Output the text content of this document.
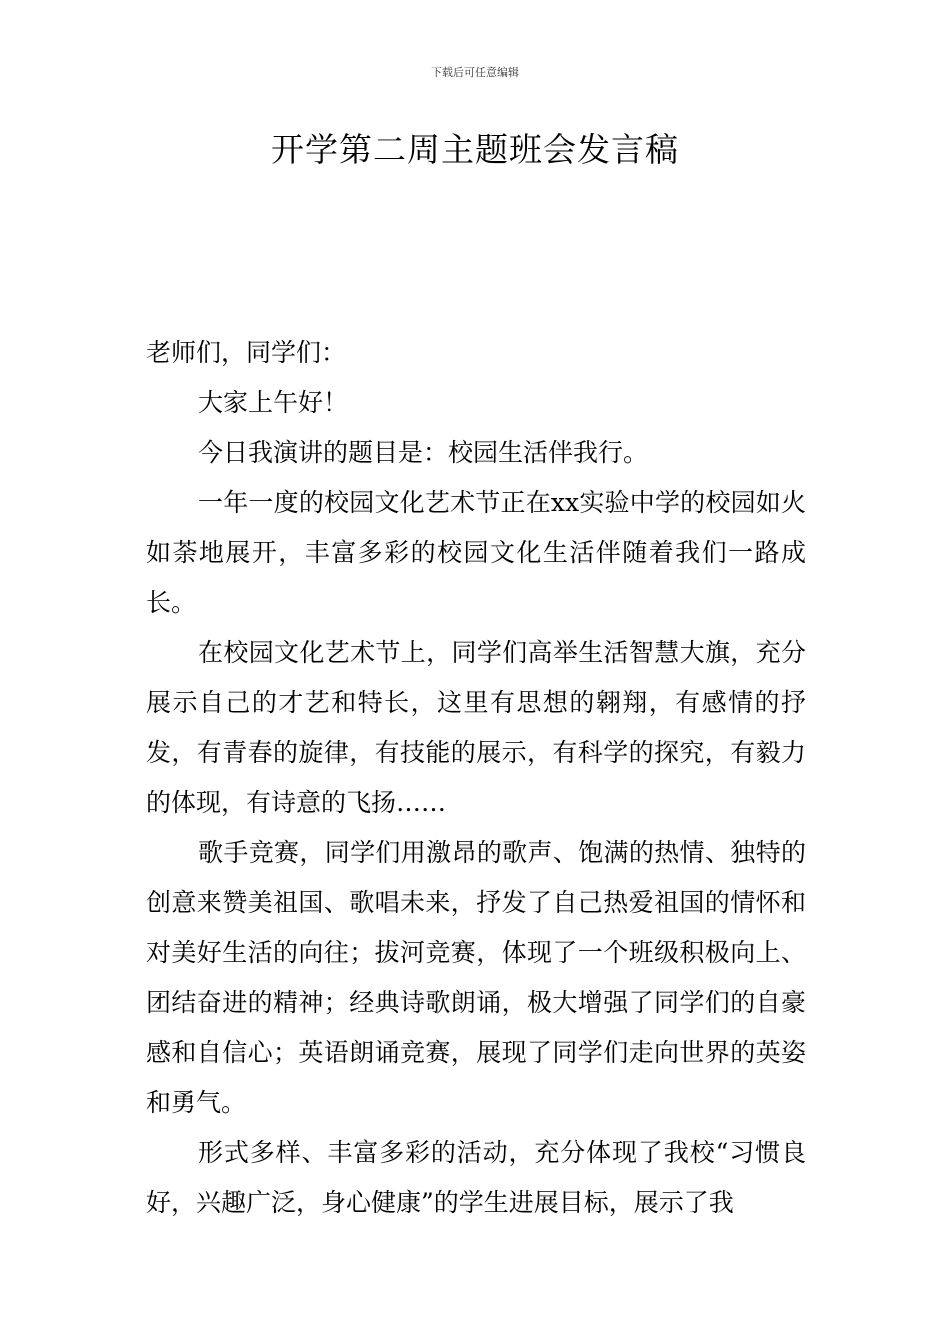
下载后可任意编辑
开学第二周主题班会发言稿

老师们，同学们：

大家上午好！

今日我演讲的题目是：校园生活伴我行。

一年一度的校园文化艺术节正在xx实验中学的校园如火如荼地展开，丰富多彩的校园文化生活伴随着我们一路成长。

在校园文化艺术节上，同学们高举生活智慧大旗，充分展示自己的才艺和特长，这里有思想的翱翔，有感情的抒发，有青春的旋律，有技能的展示，有科学的探究，有毅力的体现，有诗意的飞扬……

歌手竞赛，同学们用激昂的歌声、饱满的热情、独特的创意来赞美祖国、歌唱未来，抒发了自己热爱祖国的情怀和对美好生活的向往；拔河竞赛，体现了一个班级积极向上、团结奋进的精神；经典诗歌朗诵，极大增强了同学们的自豪感和自信心；英语朗诵竞赛，展现了同学们走向世界的英姿和勇气。

形式多样、丰富多彩的活动，充分体现了我校“习惯良好，兴趣广泛，身心健康”的学生进展目标，展示了我
